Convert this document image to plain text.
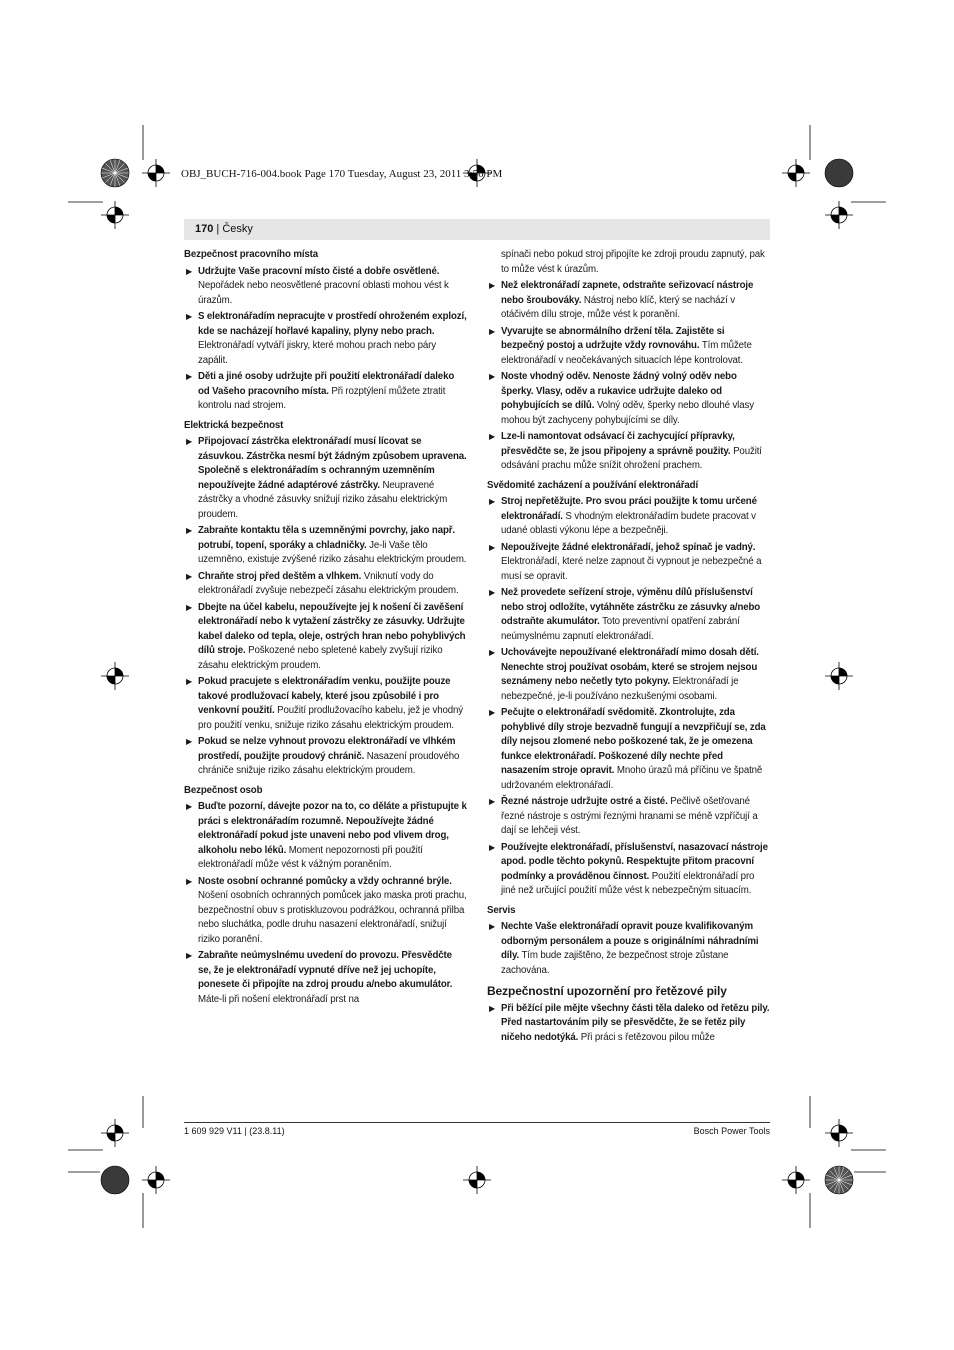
OBJ_BUCH-716-004.book Page 170 Tuesday, August 23, 2011 3:50 PM
170 | Česky
Bezpečnost pracovního místa
▶ Udržujte Vaše pracovní místo čisté a dobře osvětlené. Nepořádek nebo neosvětlené pracovní oblasti mohou vést k úrazům.
▶ S elektronářadím nepracujte v prostředí ohroženém explozí, kde se nacházejí hořlavé kapaliny, plyny nebo prach. Elektronářadí vytváří jiskry, které mohou prach nebo páry zapálit.
▶ Děti a jiné osoby udržujte při použití elektronářadí daleko od Vašeho pracovního místa. Při rozptýlení můžete ztratit kontrolu nad strojem.
Elektrická bezpečnost
▶ Připojovací zástrčka elektronářadí musí lícovat se zásuvkou. Zástrčka nesmí být žádným způsobem upravena. Společně s elektronářadím s ochranným uzemněním nepoužívejte žádné adaptérové zástrčky. Neupravené zástrčky a vhodné zásuvky snižují riziko zásahu elektrickým proudem.
▶ Zabraňte kontaktu těla s uzemněnými povrchy, jako např. potrubí, topení, sporáky a chladničky. Je-li Vaše tělo uzemněno, existuje zvýšené riziko zásahu elektrickým proudem.
▶ Chraňte stroj před deštěm a vlhkem. Vniknutí vody do elektronářadí zvyšuje nebezpečí zásahu elektrickým proudem.
▶ Dbejte na účel kabelu, nepoužívejte jej k nošení či zavěšení elektronářadí nebo k vytažení zástrčky ze zásuvky. Udržujte kabel daleko od tepla, oleje, ostrých hran nebo pohyblivých dílů stroje. Poškozené nebo spletené kabely zvyšují riziko zásahu elektrickým proudem.
▶ Pokud pracujete s elektronářadím venku, použijte pouze takové prodlužovací kabely, které jsou způsobilé i pro venkovní použití. Použití prodlužovacího kabelu, jež je vhodný pro použití venku, snižuje riziko zásahu elektrickým proudem.
▶ Pokud se nelze vyhnout provozu elektronářadí ve vlhkém prostředí, použijte proudový chránič. Nasazení proudového chrániče snižuje riziko zásahu elektrickým proudem.
Bezpečnost osob
▶ Buďte pozorní, dávejte pozor na to, co děláte a přistupujte k práci s elektronářadím rozumně. Nepoužívejte žádné elektronářadí pokud jste unaveni nebo pod vlivem drog, alkoholu nebo léků. Moment nepozornosti při použití elektronářadí může vést k vážným poraněním.
▶ Noste osobní ochranné pomůcky a vždy ochranné brýle. Nošení osobních ochranných pomůcek jako maska proti prachu, bezpečnostní obuv s protiskluzovou podrážkou, ochranná přilba nebo sluchátka, podle druhu nasazení elektronářadí, snižují riziko poranění.
▶ Zabraňte neúmyslnému uvedení do provozu. Přesvědčte se, že je elektronářadí vypnuté dříve než jej uchopíte, ponesete či připojíte na zdroj proudu a/nebo akumulátor. Máte-li při nošení elektronářadí prst na
spínači nebo pokud stroj připojíte ke zdroji proudu zapnutý, pak to může vést k úrazům.
▶ Než elektronářadí zapnete, odstraňte seřizovací nástroje nebo šroubováky. Nástroj nebo klíč, který se nachází v otáčivém dílu stroje, může vést k poranění.
▶ Vyvarujte se abnormálního držení těla. Zajistěte si bezpečný postoj a udržujte vždy rovnováhu. Tím můžete elektronářadí v neočekávaných situacích lépe kontrolovat.
▶ Noste vhodný oděv. Nenoste žádný volný oděv nebo šperky. Vlasy, oděv a rukavice udržujte daleko od pohybujících se dílů. Volný oděv, šperky nebo dlouhé vlasy mohou být zachyceny pohybujícími se díly.
▶ Lze-li namontovat odsávací či zachycující přípravky, přesvědčte se, že jsou připojeny a správně použity. Použití odsávání prachu může snížit ohrožení prachem.
Svědomité zacházení a používání elektronářadí
▶ Stroj nepřetěžujte. Pro svou práci použijte k tomu určené elektronářadí. S vhodným elektronářadím budete pracovat v udané oblasti výkonu lépe a bezpečněji.
▶ Nepoužívejte žádné elektronářadí, jehož spínač je vadný. Elektronářadí, které nelze zapnout či vypnout je nebezpečné a musí se opravit.
▶ Než provedete seřízení stroje, výměnu dílů příslušenství nebo stroj odložíte, vytáhněte zástrčku ze zásuvky a/nebo odstraňte akumulátor. Toto preventivní opatření zabrání neúmyslnému zapnutí elektronářadí.
▶ Uchovávejte nepoužívané elektronářadí mimo dosah dětí. Nenechte stroj používat osobám, které se strojem nejsou seznámeny nebo nečetly tyto pokyny. Elektronářadí je nebezpečné, je-li používáno nezkušenými osobami.
▶ Pečujte o elektronářadí svědomitě. Zkontrolujte, zda pohyblivé díly stroje bezvadně fungují a nevzpřičují se, zda díly nejsou zlomené nebo poškozené tak, že je omezena funkce elektronářadí. Poškozené díly nechte před nasazením stroje opravit. Mnoho úrazů má příčinu ve špatně udržovaném elektronářadí.
▶ Řezné nástroje udržujte ostré a čisté. Pečlivě ošetřované řezné nástroje s ostrými řeznými hranami se méně vzpříčují a dají se lehčeji vést.
▶ Používejte elektronářadí, příslušenství, nasazovací nástroje apod. podle těchto pokynů. Respektujte přitom pracovní podmínky a prováděnou činnost. Použití elektronářadí pro jiné než určující použití může vést k nebezpečným situacím.
Servis
▶ Nechte Vaše elektronářadí opravit pouze kvalifikovaným odborným personálem a pouze s originálními náhradními díly. Tím bude zajištěno, že bezpečnost stroje zůstane zachována.
Bezpečnostní upozornění pro řetězové pily
▶ Při běžící pile mějte všechny části těla daleko od řetězu pily. Před nastartováním pily se přesvědčte, že se řetěz pily ničeho nedotýká. Při práci s řetězovou pilou může
1 609 929 V11 | (23.8.11)	Bosch Power Tools
